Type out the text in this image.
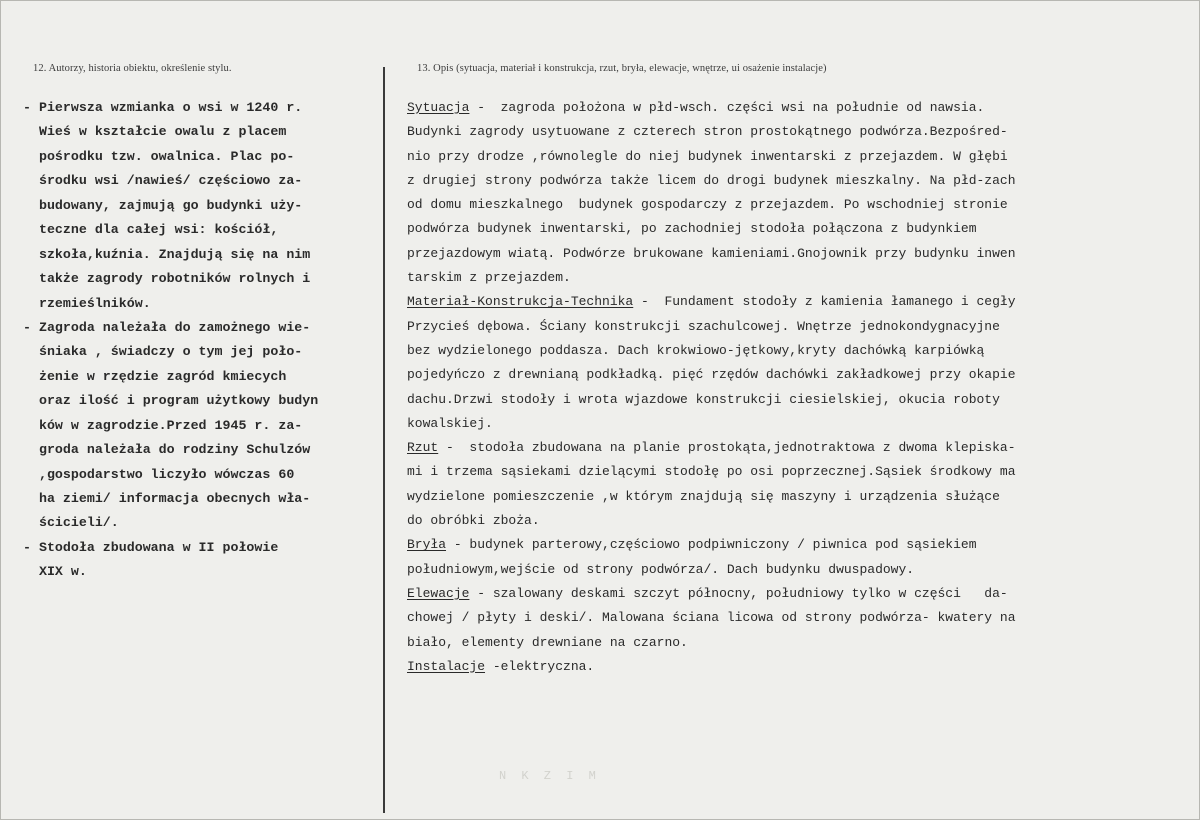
12. Autorzy, historia obiektu, określenie stylu.	13. Opis (sytuacja, materiał i konstrukcja, rzut, bryła, elewacje, wnętrze, ui osażenie instalacje)
- Pierwsza wzmianka o wsi w 1240 r.
Wieś w kształcie owalu z placem
pośrodku tzw. owalnica. Plac po-
środku wsi /nawieś/ częściowo za-
budowany, zajmują go budynki uży-
teczne dla całej wsi: kościół,
szkoła,kuźnia. Znajdują się na nim
także zagrody robotników rolnych i
rzemieślników.
- Zagroda należała do zamożnego wie-
śniaka , świadczy o tym jej poło-
żenie w rzędzie zagród kmiecych
oraz ilość i program użytkowy budyn
ków w zagrodzie.Przed 1945 r. za-
groda należała do rodziny Schulzów
,gospodarstwo liczyło wówczas 60
ha ziemi/ informacja obecnych wła-
ścicieli/.
- Stodoła zbudowana w II połowie
XIX w.
Sytuacja -  zagroda położona w płd-wsch. części wsi na południe od nawsia.
Budynki zagrody usytuowane z czterech stron prostokątnego podwórza.Bezpośred-
nio przy drodze ,równolegle do niej budynek inwentarski z przejazdem. W głębi
z drugiej strony podwórza także licem do drogi budynek mieszkalny. Na płd-zach
od domu mieszkalnego  budynek gospodarczy z przejazdem. Po wschodniej stronie
podwórza budynek inwentarski, po zachodniej stodoła połączona z budynkiem
przejazdowym wiatą. Podwórze brukowane kamieniami.Gnojownik przy budynku inwen
tarskim z przejazdem.
Materiał-Konstrukcja-Technika -  Fundament stodoły z kamienia łamanego i cegły
Przycieś dębowa. Ściany konstrukcji szachulcowej. Wnętrze jednokondygnacyjne
bez wydzielonego poddasza. Dach krokwiowo-jętkowy,kryty dachówką karpiówką
pojedyńczo z drewnianą podkładką. pięć rzędów dachówki zakładkowej przy okapie
dachu.Drzwi stodoły i wrota wjazdowe konstrukcji ciesielskiej, okucia roboty
kowalskiej.
Rzut -  stodoła zbudowana na planie prostokąta,jednotraktowa z dwoma klepiska-
mi i trzema sąsiekami dzielącymi stodołę po osi poprzecznej.Sąsiek środkowy ma
wydzielone pomieszczenie ,w którym znajdują się maszyny i urządzenia służące
do obróbki zboża.
Bryła - budynek parterowy,częściowo podpiwniczony / piwnica pod sąsiekiem
południowym,wejście od strony podwórza/. Dach budynku dwuspadowy.
Elewacje - szalowany deskami szczyt północny, południowy tylko w części   da-
chowej / płyty i deski/. Malowana ściana licowa od strony podwórza- kwatery na
biało, elementy drewniane na czarno.
Instalacje -elektryczna.
N K Z I M
